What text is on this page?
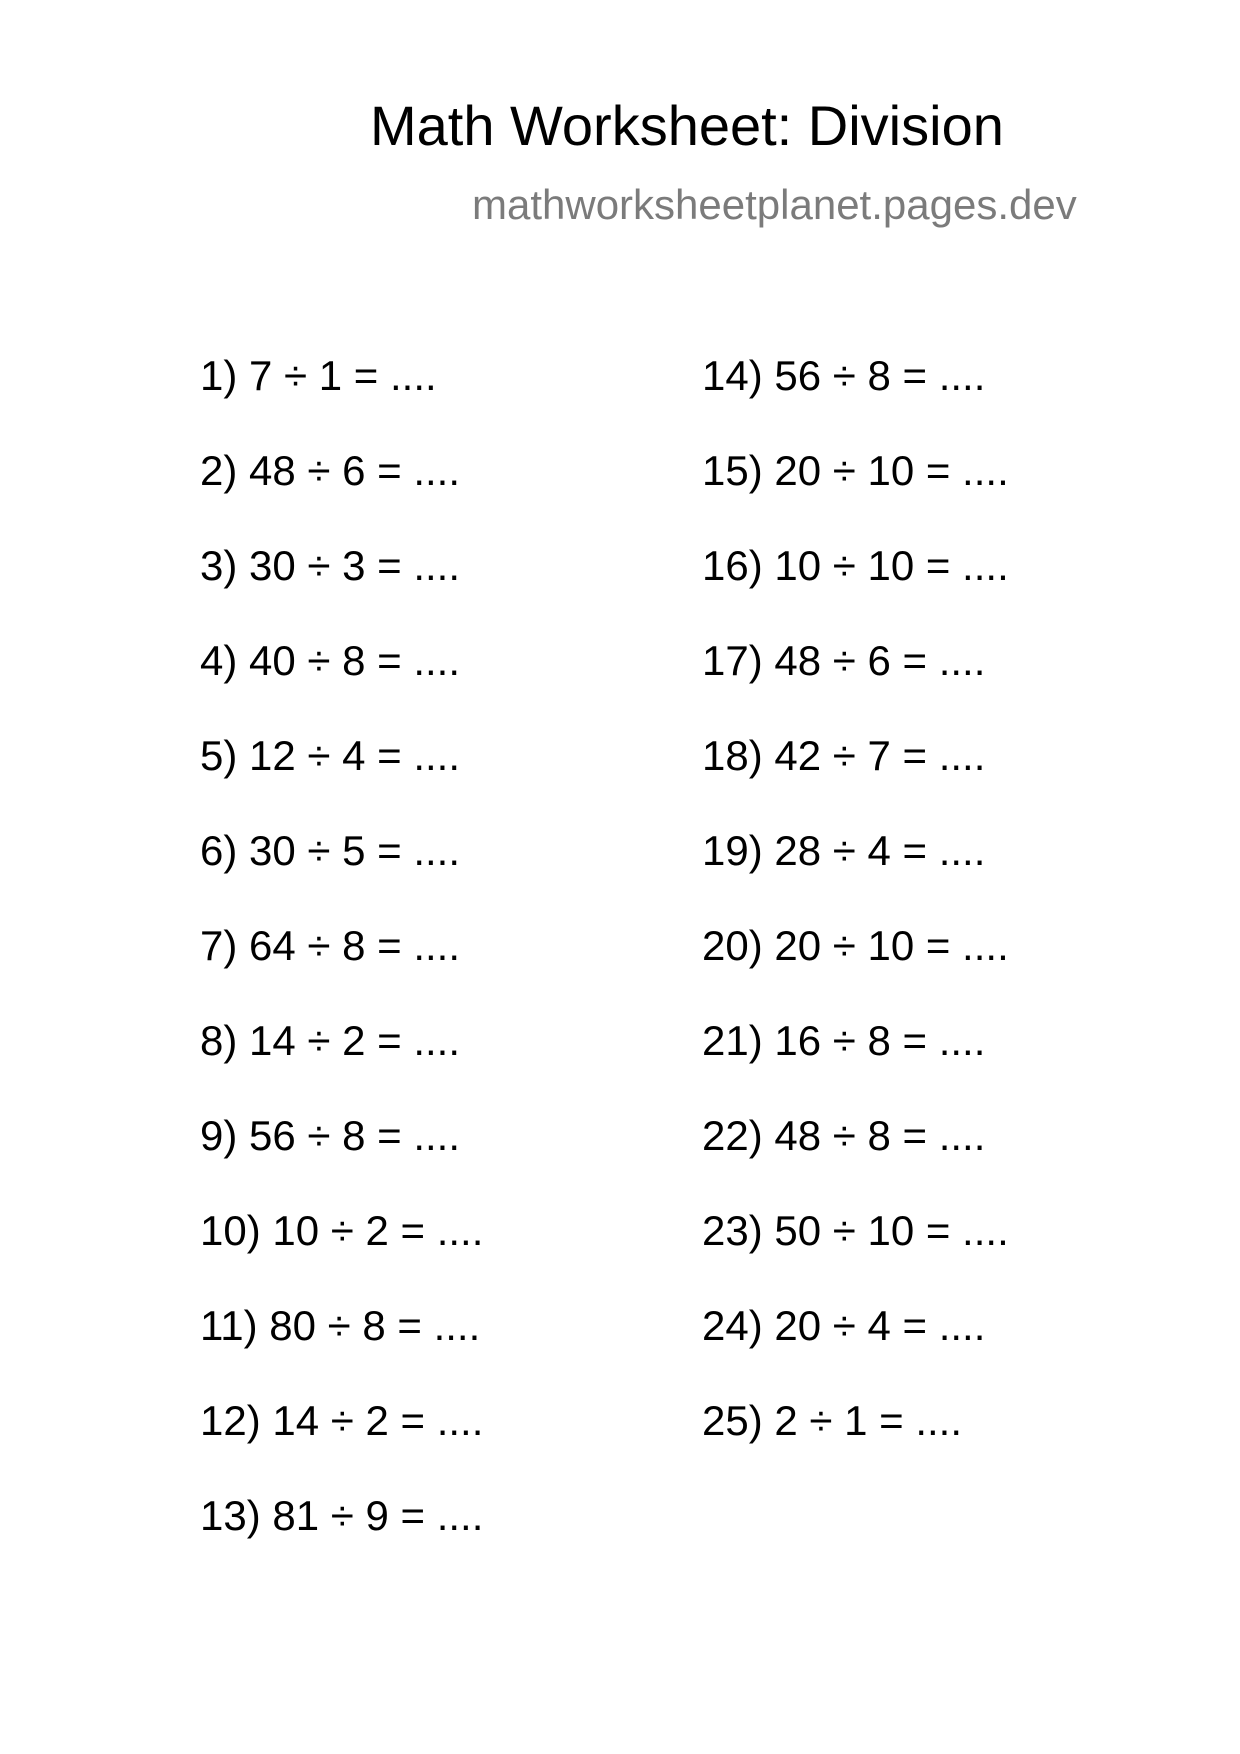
Math Worksheet: Division
mathworksheetplanet.pages.dev
1) 7 ÷ 1 = ....
2) 48 ÷ 6 = ....
3) 30 ÷ 3 = ....
4) 40 ÷ 8 = ....
5) 12 ÷ 4 = ....
6) 30 ÷ 5 = ....
7) 64 ÷ 8 = ....
8) 14 ÷ 2 = ....
9) 56 ÷ 8 = ....
10) 10 ÷ 2 = ....
11) 80 ÷ 8 = ....
12) 14 ÷ 2 = ....
13) 81 ÷ 9 = ....
14) 56 ÷ 8 = ....
15) 20 ÷ 10 = ....
16) 10 ÷ 10 = ....
17) 48 ÷ 6 = ....
18) 42 ÷ 7 = ....
19) 28 ÷ 4 = ....
20) 20 ÷ 10 = ....
21) 16 ÷ 8 = ....
22) 48 ÷ 8 = ....
23) 50 ÷ 10 = ....
24) 20 ÷ 4 = ....
25) 2 ÷ 1 = ....
